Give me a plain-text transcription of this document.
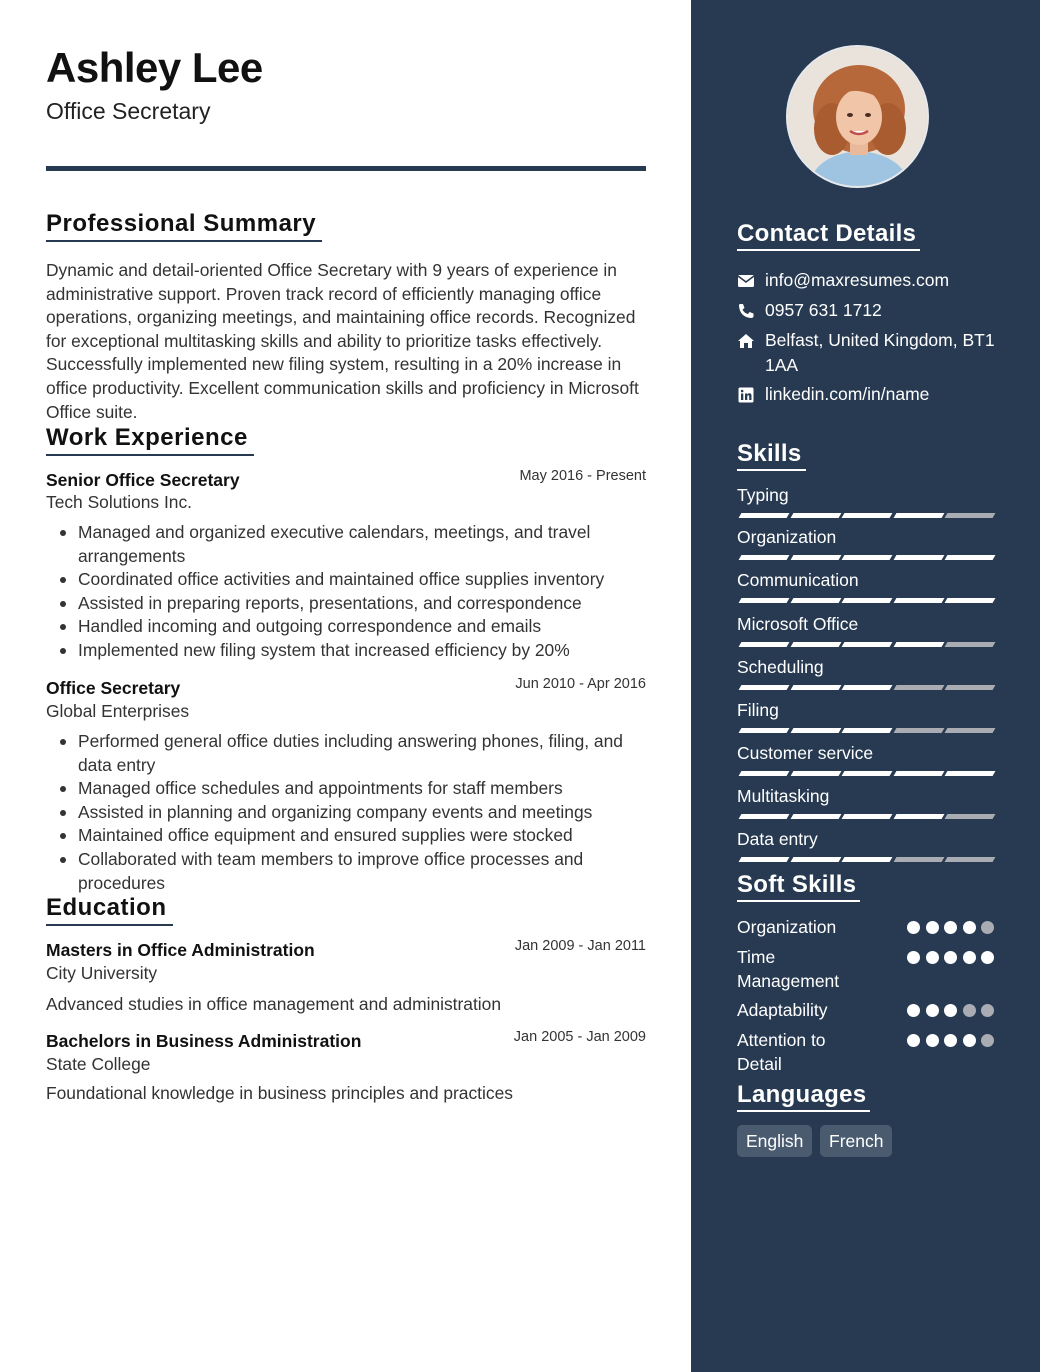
Ashley Lee
Office Secretary
Professional Summary

Dynamic and detail-oriented Office Secretary with 9 years of experience in administrative support. Proven track record of efficiently managing office operations, organizing meetings, and maintaining office records. Recognized for exceptional multitasking skills and ability to prioritize tasks effectively. Successfully implemented new filing system, resulting in a 20% increase in office productivity. Excellent communication skills and proficiency in Microsoft Office suite.

Work Experience
Senior Office Secretary	May 2016 - Present
Tech Solutions Inc.
Managed and organized executive calendars, meetings, and travel arrangements
Coordinated office activities and maintained office supplies inventory
Assisted in preparing reports, presentations, and correspondence
Handled incoming and outgoing correspondence and emails
Implemented new filing system that increased efficiency by 20%
Office Secretary	Jun 2010 - Apr 2016
Global Enterprises
Performed general office duties including answering phones, filing, and data entry
Managed office schedules and appointments for staff members
Assisted in planning and organizing company events and meetings
Maintained office equipment and ensured supplies were stocked
Collaborated with team members to improve office processes and procedures
Education
Masters in Office Administration	Jan 2009 - Jan 2011
City University
Advanced studies in office management and administration
Bachelors in Business Administration	Jan 2005 - Jan 2009
State College
Foundational knowledge in business principles and practices
Contact Details
info@maxresumes.com
0957 631 1712
Belfast, United Kingdom, BT1 1AA
linkedin.com/in/name
Skills
Typing
Organization
Communication
Microsoft Office
Scheduling
Filing
Customer service
Multitasking
Data entry
Soft Skills
Organization
Time Management
Adaptability
Attention to Detail
Languages
English	French
